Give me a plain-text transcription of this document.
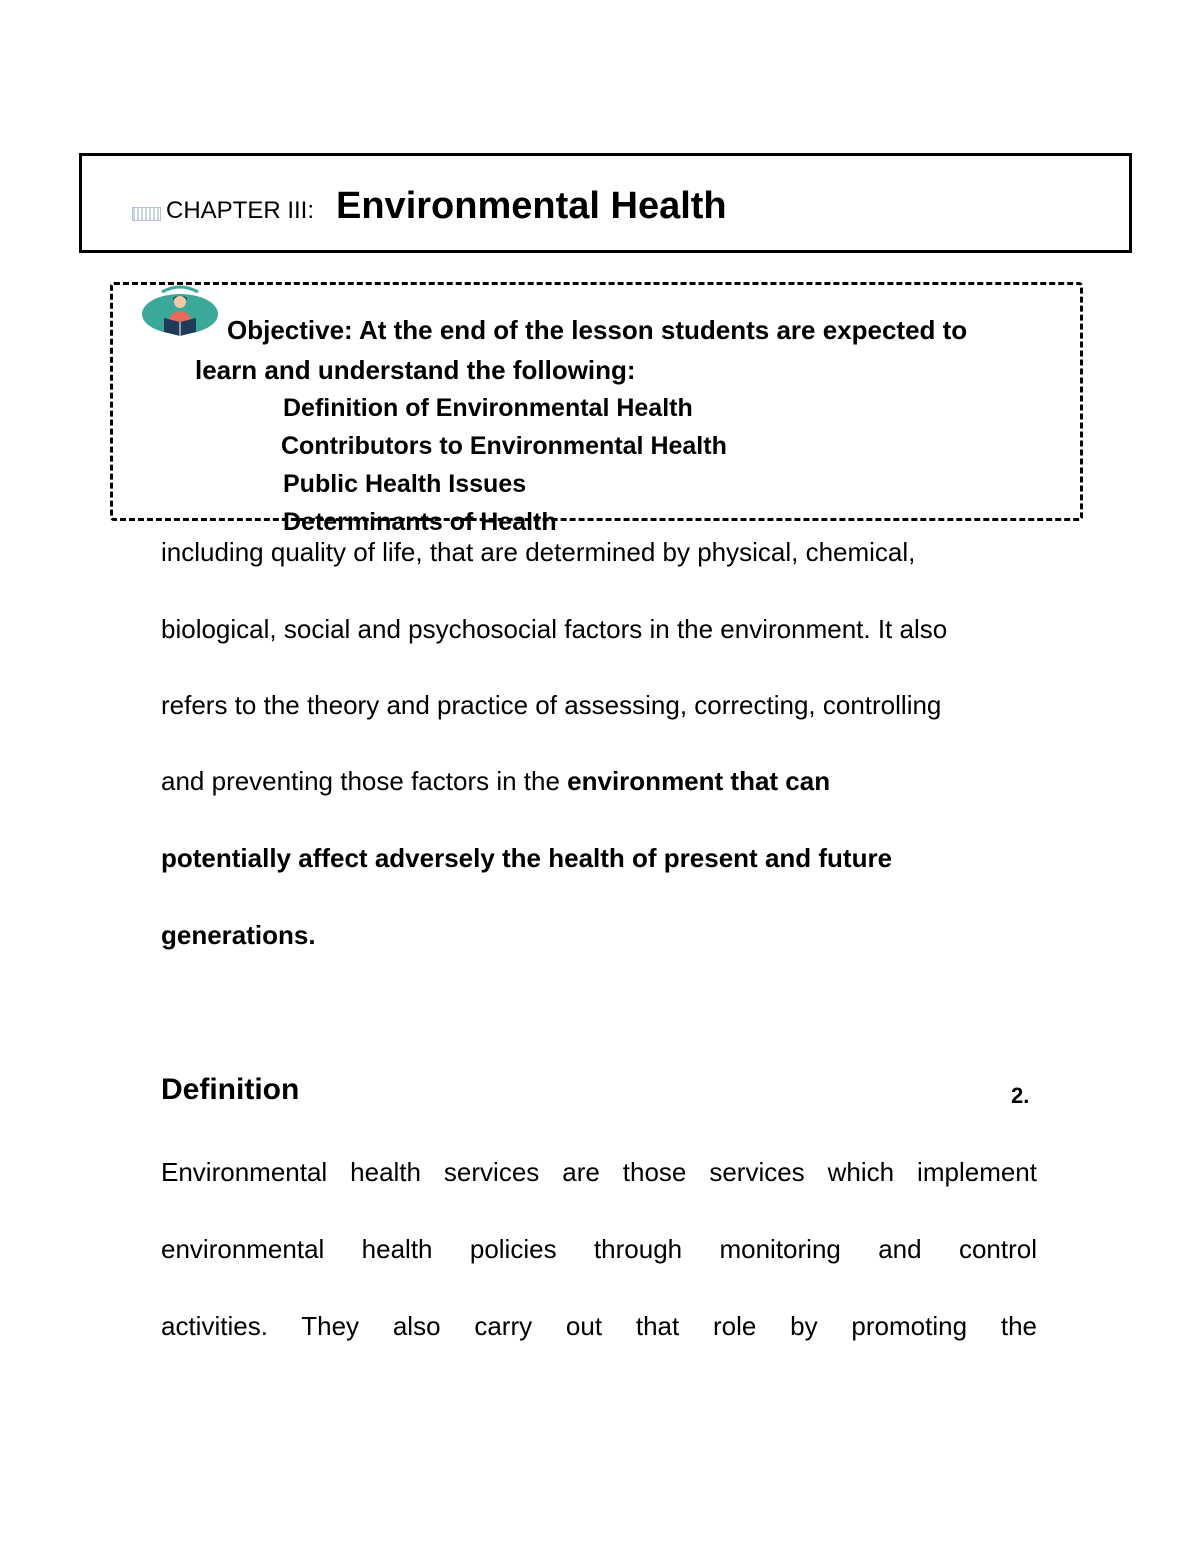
CHAPTER III: Environmental Health
including quality of life, that are determined by physical, chemical,
biological, social and psychosocial factors in the environment. It also
refers to the theory and practice of assessing, correcting, controlling
and preventing those factors in the environment that can
potentially affect adversely the health of present and future
generations.
Objective: At the end of the lesson students are expected to
learn and understand the following:
Definition of Environmental Health
Contributors to Environmental Health
Public Health Issues
Determinants of Health
Definition	2.
Environmental health services are those services which implement
environmental health policies through monitoring and control
activities. They also carry out that role by promoting the
